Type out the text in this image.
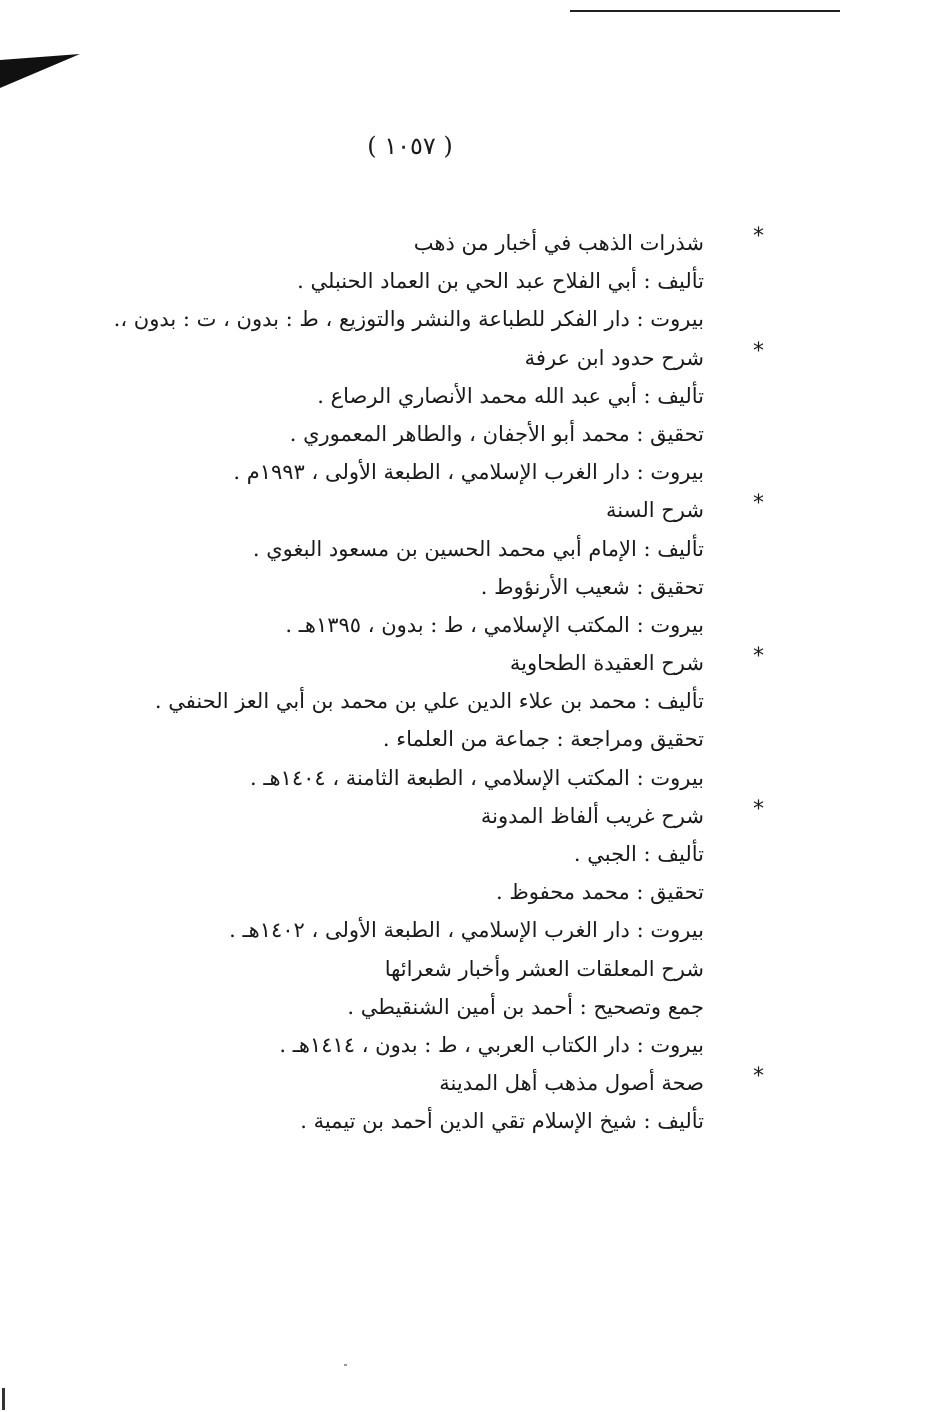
( ١٠٥٧ )
شذرات الذهب في أخبار من ذهب *
تأليف : أبي الفلاح عبد الحي بن العماد الحنبلي .
بيروت : دار الفكر للطباعة والنشر والتوزيع ، ط : بدون ، ت : بدون ،.
شرح حدود ابن عرفة *
تأليف : أبي عبد الله محمد الأنصاري الرصاع .
تحقيق : محمد أبو الأجفان ، والطاهر المعموري .
بيروت : دار الغرب الإسلامي ، الطبعة الأولى ، ١٩٩٣م .
شرح السنة *
تأليف : الإمام أبي محمد الحسين بن مسعود البغوي .
تحقيق : شعيب الأرنؤوط .
بيروت : المكتب الإسلامي ، ط : بدون ، ١٣٩٥هـ .
شرح العقيدة الطحاوية *
تأليف : محمد بن علاء الدين علي بن محمد بن أبي العز الحنفي .
تحقيق ومراجعة : جماعة من العلماء .
بيروت : المكتب الإسلامي ، الطبعة الثامنة ، ١٤٠٤هـ .
شرح غريب ألفاظ المدونة *
تأليف : الجبي .
تحقيق : محمد محفوظ .
بيروت : دار الغرب الإسلامي ، الطبعة الأولى ، ١٤٠٢هـ .
شرح المعلقات العشر وأخبار شعرائها
جمع وتصحيح : أحمد بن أمين الشنقيطي .
بيروت : دار الكتاب العربي ، ط : بدون ، ١٤١٤هـ .
صحة أصول مذهب أهل المدينة *
تأليف : شيخ الإسلام تقي الدين أحمد بن تيمية .
